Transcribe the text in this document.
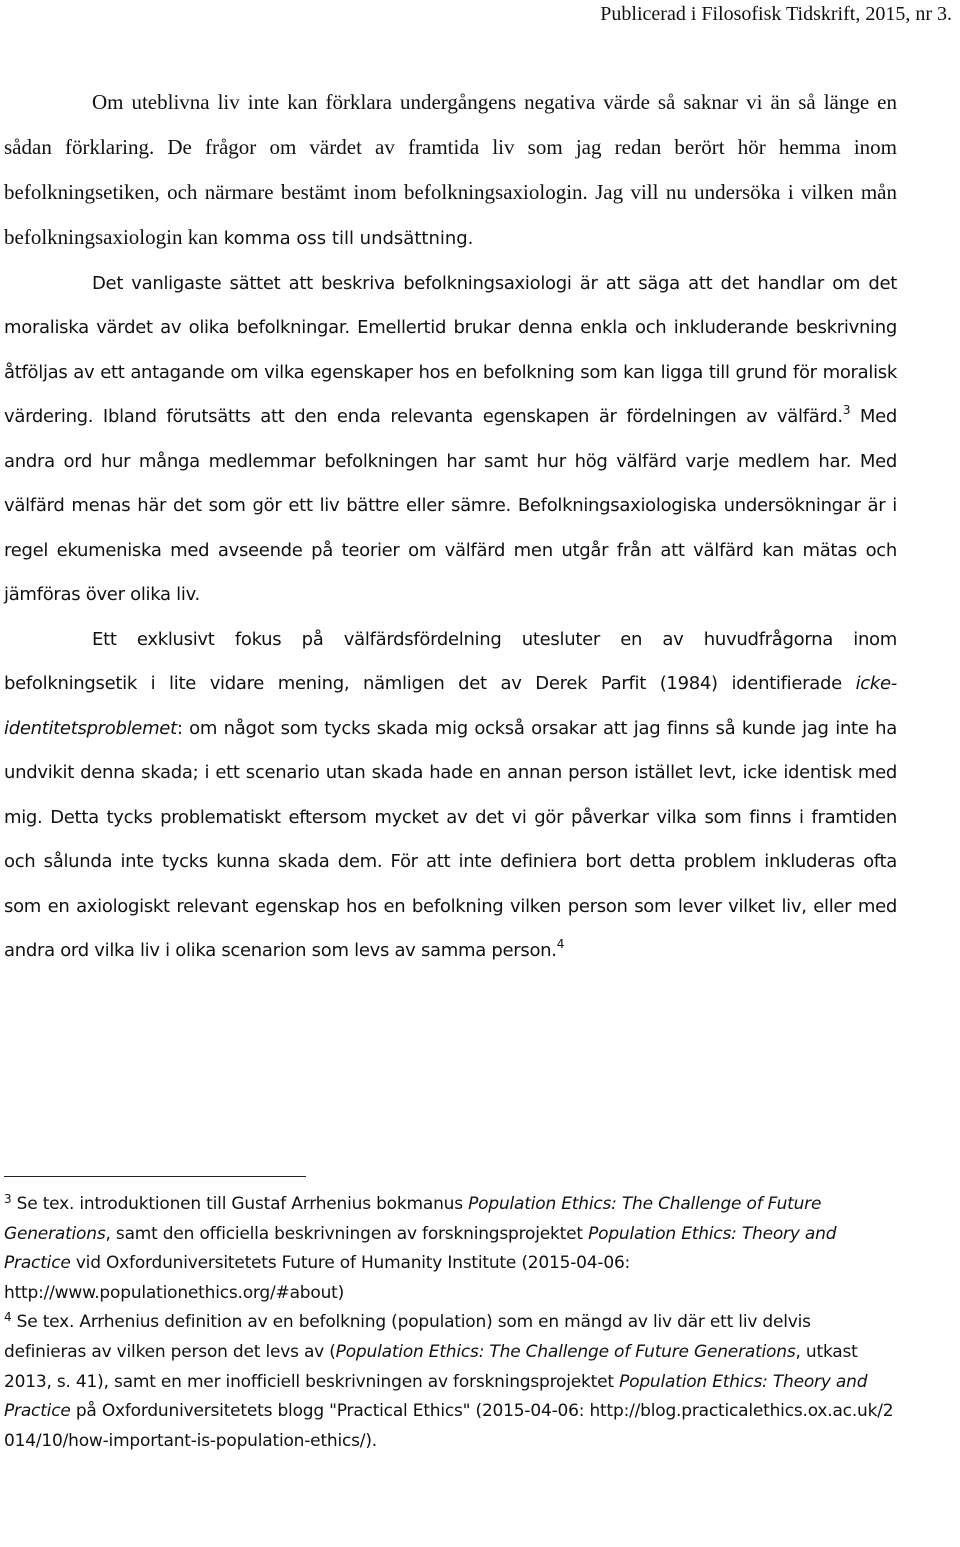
Publicerad i Filosofisk Tidskrift, 2015, nr 3.

Om uteblivna liv inte kan förklara undergångens negativa värde så saknar vi än så länge en sådan förklaring. De frågor om värdet av framtida liv som jag redan berört hör hemma inom befolkningsetiken, och närmare bestämt inom befolkningsaxiologin. Jag vill nu undersöka i vilken mån befolkningsaxiologin kan komma oss till undsättning.

Det vanligaste sättet att beskriva befolkningsaxiologi är att säga att det handlar om det moraliska värdet av olika befolkningar. Emellertid brukar denna enkla och inkluderande beskrivning åtföljas av ett antagande om vilka egenskaper hos en befolkning som kan ligga till grund för moralisk värdering. Ibland förutsätts att den enda relevanta egenskapen är fördelningen av välfärd.$^3$ Med andra ord hur många medlemmar befolkningen har samt hur hög välfärd varje medlem har. Med välfärd menas här det som gör ett liv bättre eller sämre. Befolkningsaxiologiska undersökningar är i regel ekumeniska med avseende på teorier om välfärd men utgår från att välfärd kan mätas och jämföras över olika liv.

Ett exklusivt fokus på välfärdsfördelning utesluter en av huvudfrågorna inom befolkningsetik i lite vidare mening, nämligen det av Derek Parfit (1984) identifierade icke-identitetsproblemet: om något som tycks skada mig också orsakar att jag finns så kunde jag inte ha undvikit denna skada; i ett scenario utan skada hade en annan person istället levt, icke identisk med mig. Detta tycks problematiskt eftersom mycket av det vi gör påverkar vilka som finns i framtiden och sålunda inte tycks kunna skada dem. För att inte definiera bort detta problem inkluderas ofta som en axiologiskt relevant egenskap hos en befolkning vilken person som lever vilket liv, eller med andra ord vilka liv i olika scenarion som levs av samma person.$^4$

$^3$ Se tex. introduktionen till Gustaf Arrhenius bokmanus Population Ethics: The Challenge of Future Generations, samt den officiella beskrivningen av forskningsprojektet Population Ethics: Theory and Practice vid Oxforduniversitetets Future of Humanity Institute (2015-04-06: http://www.populationethics.org/#about)

$^4$ Se tex. Arrhenius definition av en befolkning (population) som en mängd av liv där ett liv delvis definieras av vilken person det levs av (Population Ethics: The Challenge of Future Generations, utkast 2013, s. 41), samt en mer inofficiell beskrivningen av forskningsprojektet Population Ethics: Theory and Practice på Oxforduniversitetets blogg "Practical Ethics" (2015-04-06: http://blog.practicalethics.ox.ac.uk/2014/10/how-important-is-population-ethics/).
